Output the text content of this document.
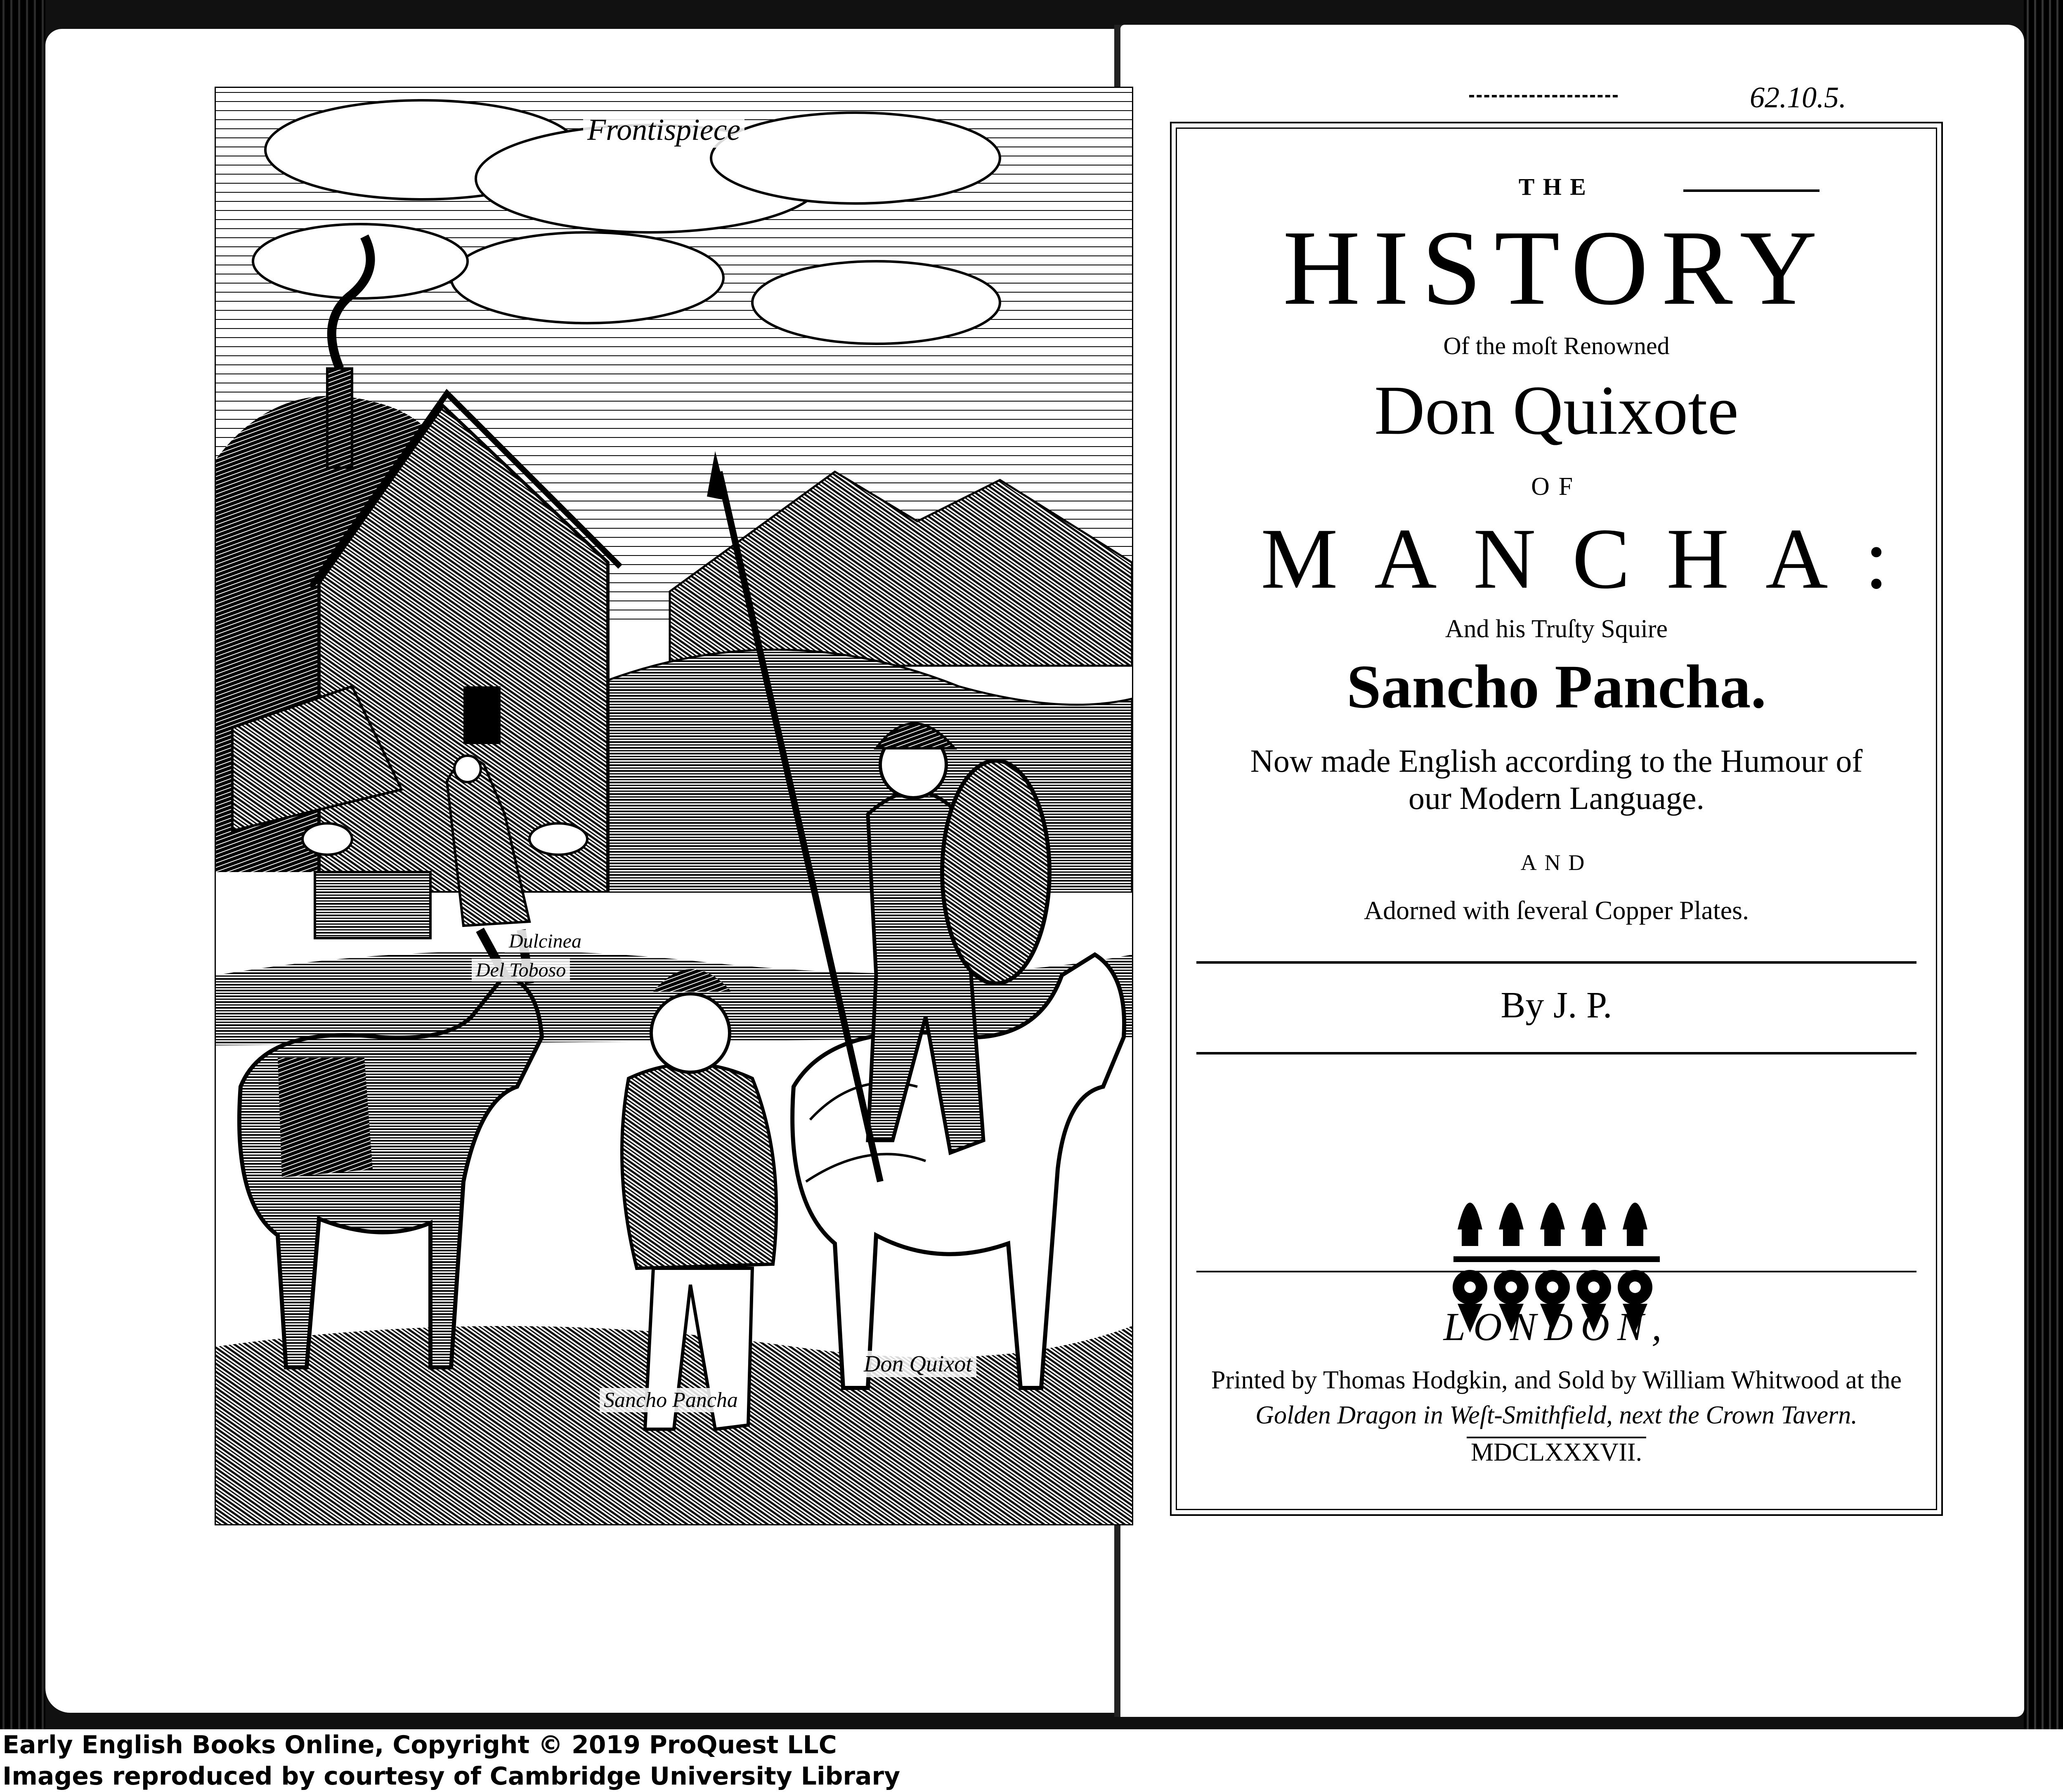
Frontispiece
Dulcinea
Del Toboso
Sancho Pancha
Don Quixot
62.10.5.
THE
HISTORY
Of the moſt Renowned
Don Quixote
OF
MANCHA:
And his Truſty Squire
Sancho Pancha.
Now made English according to the Humour of
our Modern Language.
AND
Adorned with ſeveral Copper Plates.
By J. P.
LONDON,
Printed by Thomas Hodgkin, and Sold by William Whitwood at the
Golden Dragon in Weſt-Smithfield, next the Crown Tavern.
MDCLXXXVII.
Early English Books Online, Copyright © 2019 ProQuest LLC
Images reproduced by courtesy of Cambridge University Library
